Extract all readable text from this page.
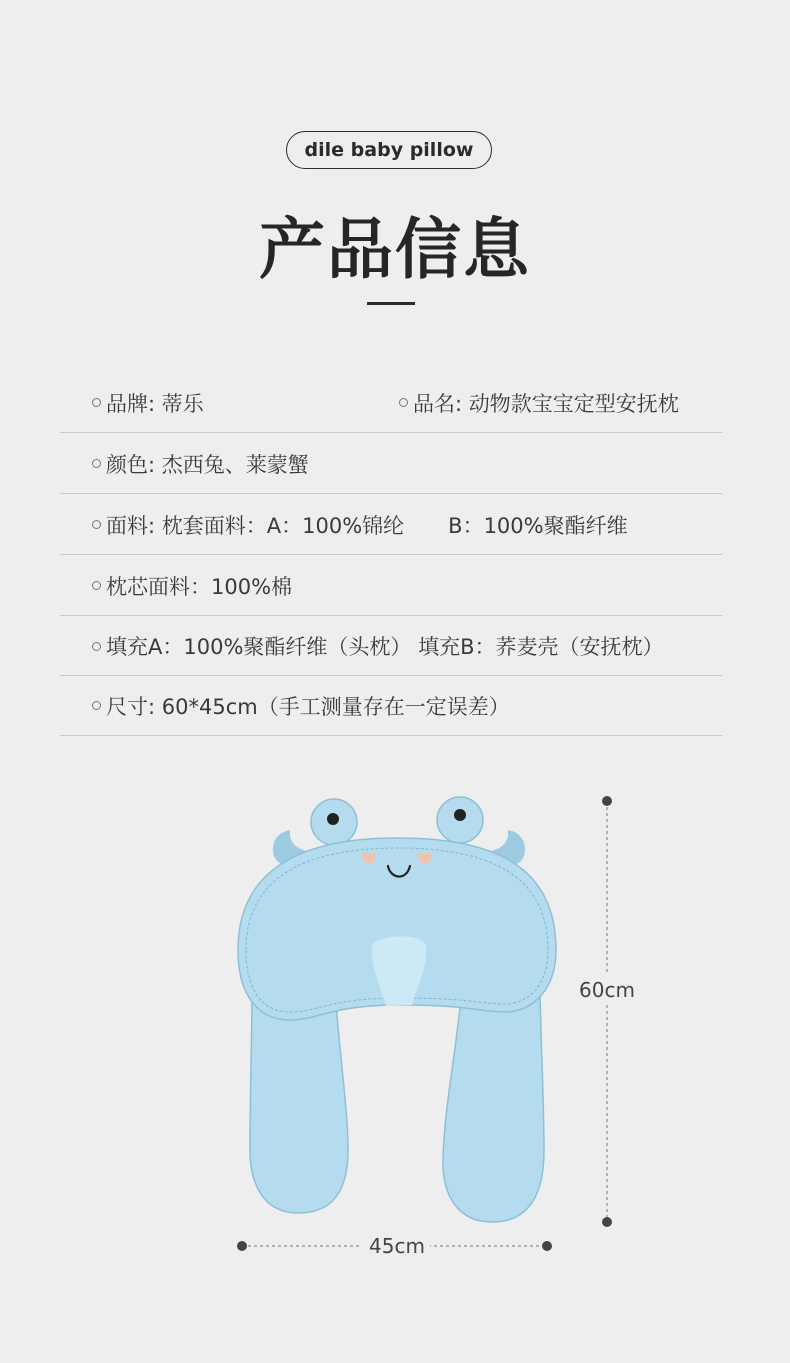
dile baby pillow
产品信息
品牌: 蒂乐	品名: 动物款宝宝定型安抚枕
颜色: 杰西兔、莱蒙蟹
面料: 枕套面料：A：100%锦纶 B：100%聚酯纤维
枕芯面料：100%棉
填充A：100%聚酯纤维（头枕） 填充B：荞麦壳（安抚枕）
尺寸: 60*45cm（手工测量存在一定误差）
60cm
45cm
